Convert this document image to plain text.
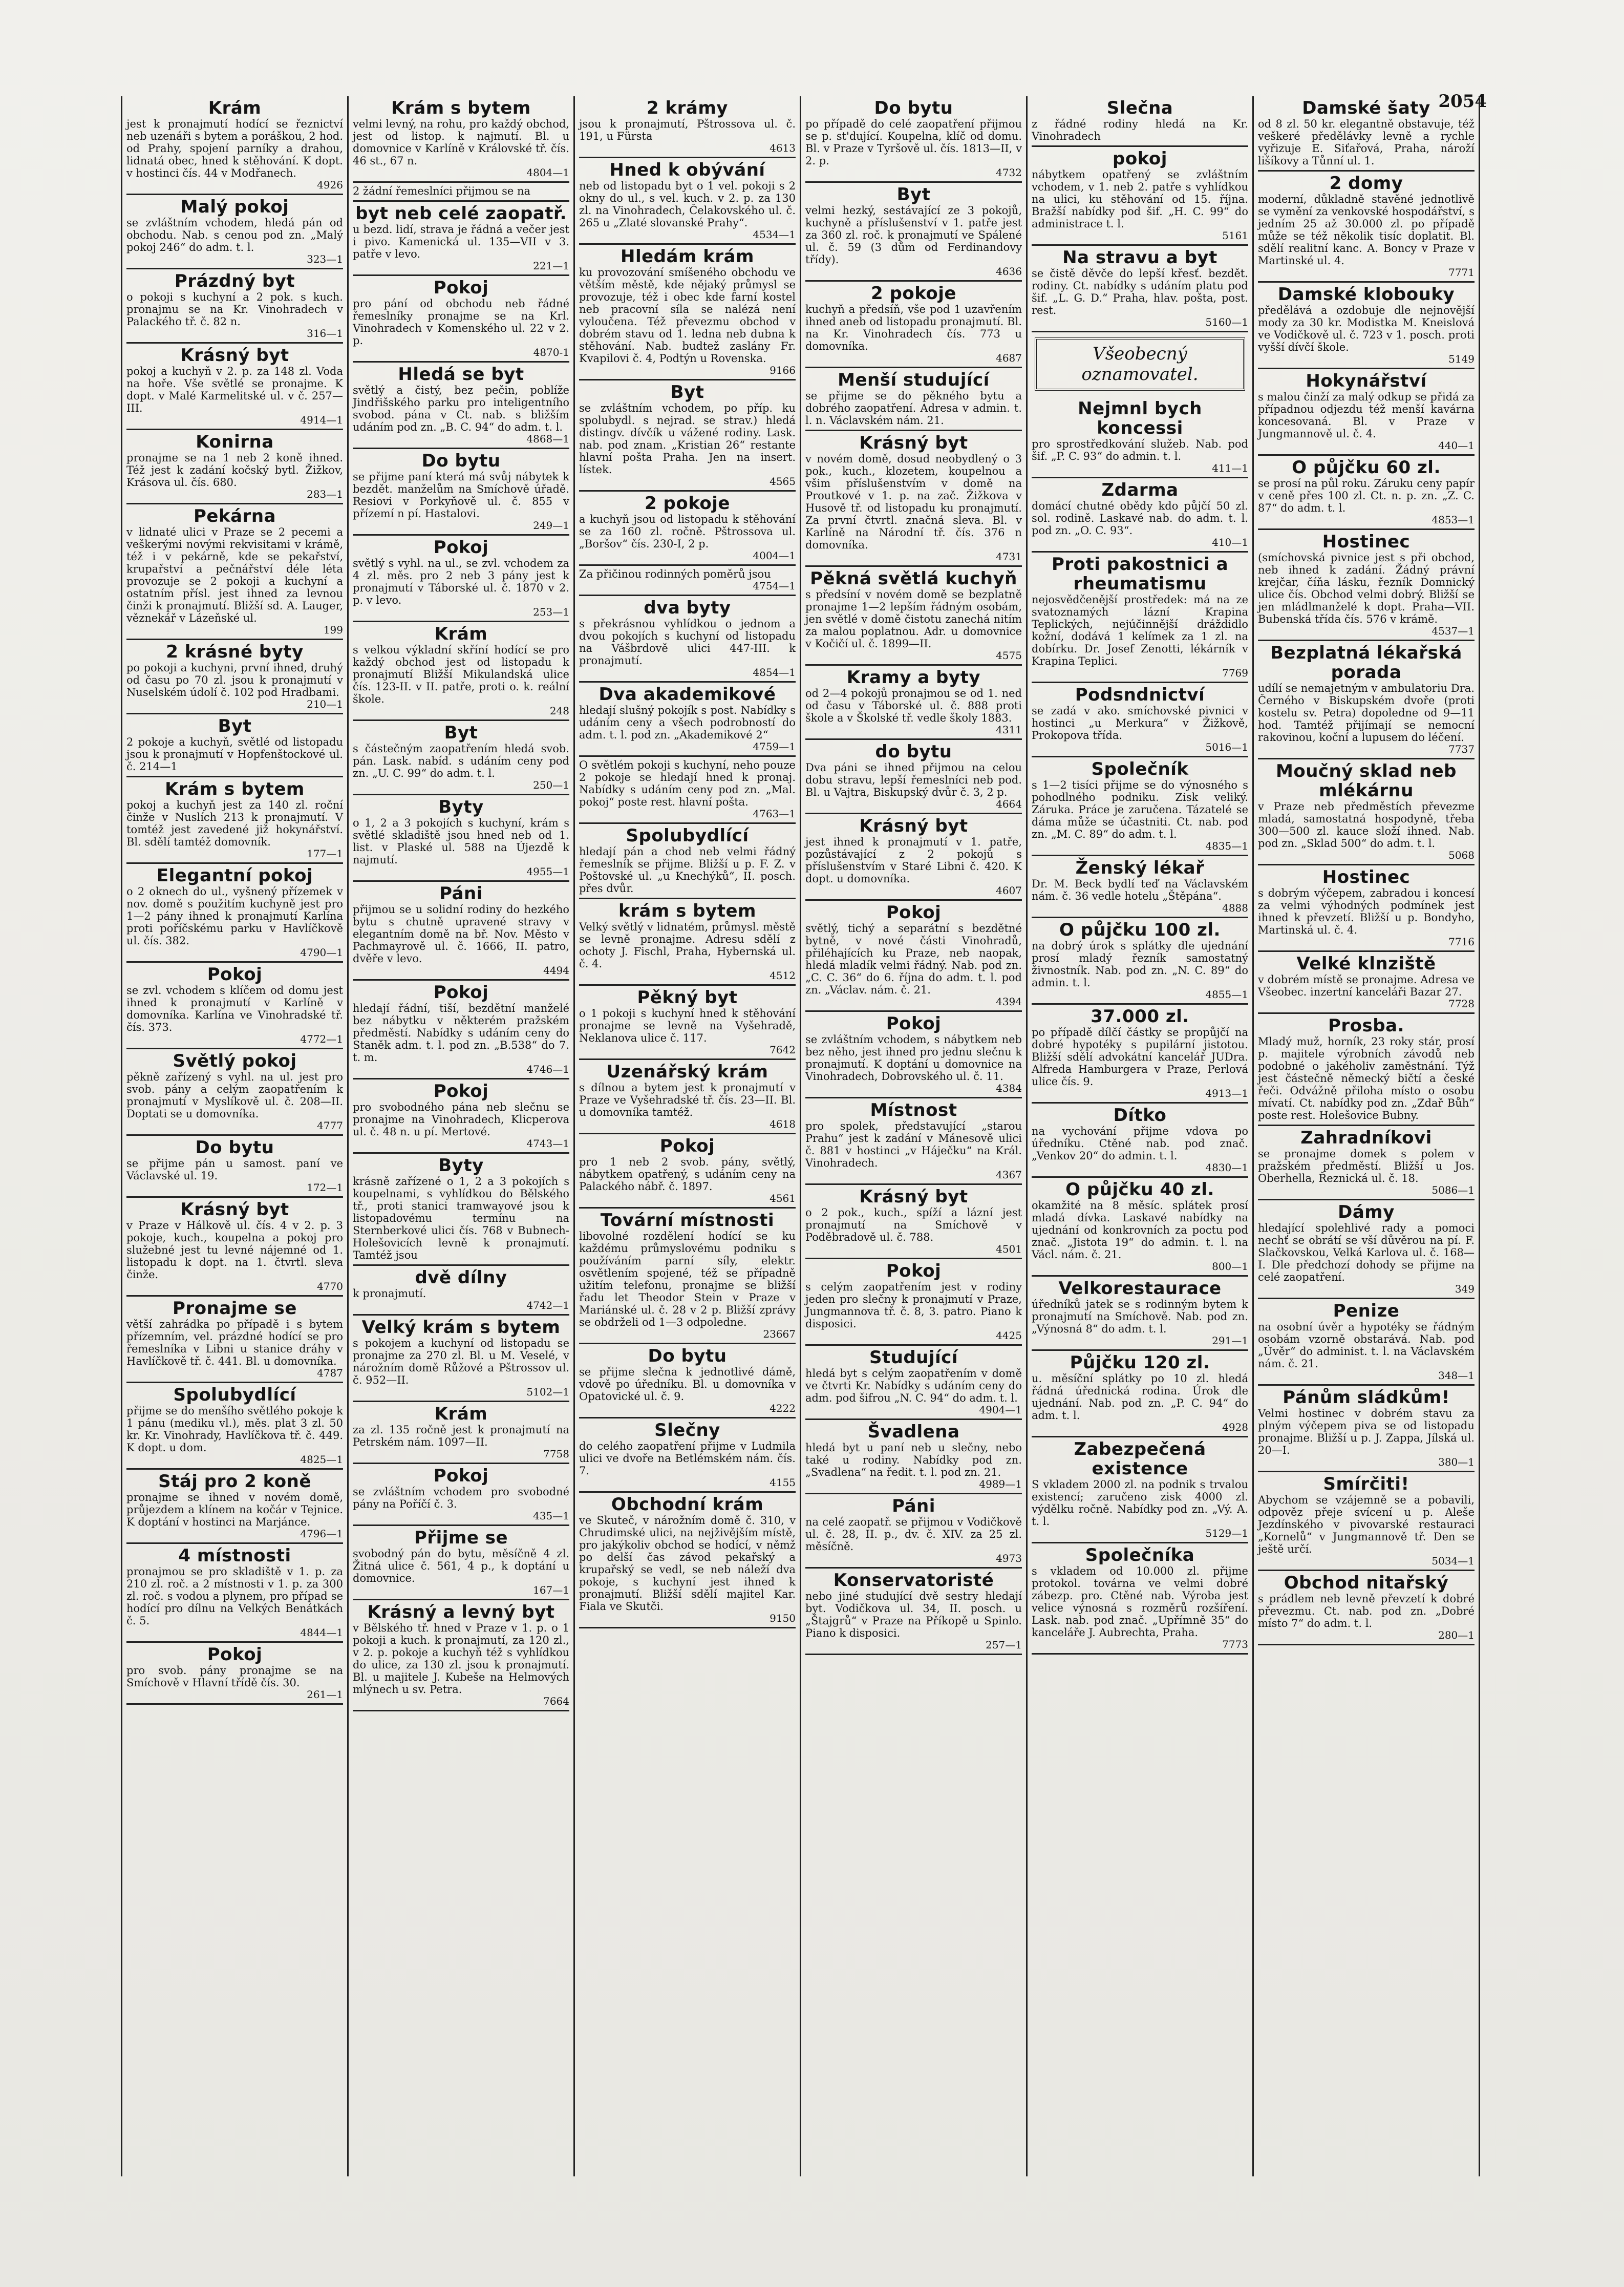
2054
Krám

jest k pronajmutí hodící se řeznictví neb uzenáři s bytem a poráškou, 2 hod. od Prahy, spojení parníky a drahou, lidnatá obec, hned k stěhování. K dopt. v hostinci čís. 44 v Modřanech.

4926
Malý pokoj

se zvláštním vchodem, hledá pán od obchodu. Nab. s cenou pod zn. „Malý pokoj 246“ do adm. t. l.

323—1
Prázdný byt

o pokoji s kuchyní a 2 pok. s kuch. pronajmu se na Kr. Vinohradech v Palackého tř. č. 82 n.

316—1
Krásný byt

pokoj a kuchyň v 2. p. za 148 zl. Voda na hoře. Vše světlé se pronajme. K dopt. v Malé Karmelitské ul. v č. 257—III.

4914—1
Konirna

pronajme se na 1 neb 2 koně ihned. Též jest k zadání kočský bytl. Žižkov, Krásova ul. čís. 680.

283—1
Pekárna

v lidnaté ulici v Praze se 2 pecemi a veškerými novými rekvisitami v krámě, též i v pekárně, kde se pekařství, krupařství a pečnářství déle léta provozuje se 2 pokoji a kuchyní a ostatním přísl. jest ihned za levnou činži k pronajmutí. Bližší sd. A. Lauger, věznekář v Lázeňské ul.

199
2 krásné byty

po pokoji a kuchyni, první ihned, druhý od času po 70 zl. jsou k pronajmutí v Nuselském údolí č. 102 pod Hradbami.

210—1
Byt

2 pokoje a kuchyň, světlé od listopadu jsou k pronajmutí v Hopfenštockové ul. č. 214—1

Krám s bytem

pokoj a kuchyň jest za 140 zl. roční činže v Nuslích 213 k pronajmutí. V tomtéž jest zavedené již hokynářství. Bl. sdělí tamtéž domovník.

177—1
Elegantní pokoj

o 2 oknech do ul., vyšnený přízemek v nov. domě s použitím kuchyně jest pro 1—2 pány ihned k pronajmutí Karlína proti poříčskému parku v Havlíčkově ul. čís. 382.

4790—1
Pokoj

se zvl. vchodem s klíčem od domu jest ihned k pronajmutí v Karlíně v domovníka. Karlína ve Vinohradské tř. čís. 373.

4772—1
Světlý pokoj

pěkně zařízený s vyhl. na ul. jest pro svob. pány a celým zaopatřením k pronajmutí v Myslíkově ul. č. 208—II. Doptati se u domovníka.

4777
Do bytu

se přijme pán u samost. paní ve Václavské ul. 19.

172—1
Krásný byt

v Praze v Hálkově ul. čís. 4 v 2. p. 3 pokoje, kuch., koupelna a pokoj pro služebné jest tu levné nájemné od 1. listopadu k dopt. na 1. čtvrtl. sleva činže.

4770
Pronajme se

větší zahrádka po případě i s bytem přízemním, vel. prázdné hodící se pro řemeslníka v Libni u stanice dráhy v Havlíčkově tř. č. 441. Bl. u domovníka.

4787
Spolubydlící

přijme se do menšího světlého pokoje k 1 pánu (mediku vl.), měs. plat 3 zl. 50 kr. Kr. Vinohrady, Havlíčkova tř. č. 449. K dopt. u dom.

4825—1
Stáj pro 2 koně

pronajme se ihned v novém domě, průjezdem a klínem na kočár v Tejnice. K doptání v hostinci na Marjánce.

4796—1
4 místnosti

pronajmou se pro skladiště v 1. p. za 210 zl. roč. a 2 místnosti v 1. p. za 300 zl. roč. s vodou a plynem, pro případ se hodící pro dílnu na Velkých Benátkách č. 5.

4844—1
Pokoj

pro svob. pány pronajme se na Smíchově v Hlavní třídě čís. 30.

261—1
Krám s bytem

velmi levný, na rohu, pro každý obchod, jest od listop. k najmutí. Bl. u domovnice v Karlíně v Královské tř. čís. 46 st., 67 n.

4804—1

2 žádní řemeslníci přijmou se na

byt neb celé zaopatř.

u bezd. lidí, strava je řádná a večer jest i pivo. Kamenická ul. 135—VII v 3. patře v levo.

221—1
Pokoj

pro pání od obchodu neb řádné řemeslníky pronajme se na Krl. Vinohradech v Komenského ul. 22 v 2. p.

4870-1
Hledá se byt

světlý a čistý, bez pečin, poblíže Jindřišského parku pro inteligentního svobod. pána v Ct. nab. s bližším udáním pod zn. „B. C. 94“ do adm. t. l.

4868—1
Do bytu

se přijme paní která má svůj nábytek k bezdět. manželům na Smíchově úřadě. Resiovi v Porkyňově ul. č. 855 v přízemí n pí. Hastalovi.

249—1
Pokoj

světlý s vyhl. na ul., se zvl. vchodem za 4 zl. měs. pro 2 neb 3 pány jest k pronajmutí v Táborské ul. č. 1870 v 2. p. v levo.

253—1
Krám

s velkou výkladní skříní hodící se pro každý obchod jest od listopadu k pronajmutí Bližší Mikulandská ulice čís. 123-II. v II. patře, proti o. k. reální škole.

248
Byt

s částečným zaopatřením hledá svob. pán. Lask. nabíd. s udáním ceny pod zn. „U. C. 99“ do adm. t. l.

250—1
Byty

o 1, 2 a 3 pokojích s kuchyní, krám s světlé skladiště jsou hned neb od 1. list. v Plaské ul. 588 na Újezdě k najmutí.

4955—1
Páni

přijmou se u solidní rodiny do hezkého bytu s chutně upravené stravy v elegantním domě na bř. Nov. Město v Pachmayrově ul. č. 1666, II. patro, dvěře v levo.

4494
Pokoj

hledají řádní, tiší, bezdětní manželé bez nábytku v některém pražském předměstí. Nabídky s udáním ceny do Staněk adm. t. l. pod zn. „B.538“ do 7. t. m.

4746—1
Pokoj

pro svobodného pána neb slečnu se pronajme na Vinohradech, Klicperova ul. č. 48 n. u pí. Mertové.

4743—1
Byty

krásně zařízené o 1, 2 a 3 pokojích s koupelnami, s vyhlídkou do Bělského tř., proti stanici tramwayové jsou k listopadovému termínu na Sternberkové ulici čís. 768 v Bubnech-Holešovicích levně k pronajmutí. Tamtéž jsou

dvě dílny

k pronajmutí.

4742—1
Velký krám s bytem

s pokojem a kuchyní od listopadu se pronajme za 270 zl. Bl. u M. Veselé, v nárožním domě Růžové a Pštrossov ul. č. 952—II.

5102—1
Krám

za zl. 135 ročně jest k pronajmutí na Petrském nám. 1097—II.

7758
Pokoj

se zvláštním vchodem pro svobodné pány na Poříčí č. 3.

435—1
Přijme se

svobodný pán do bytu, měsíčně 4 zl. Žitná ulice č. 561, 4 p., k doptání u domovnice.

167—1
Krásný a levný byt

v Bělského tř. hned v Praze v 1. p. o 1 pokoji a kuch. k pronajmutí, za 120 zl., v 2. p. pokoje a kuchyň též s vyhlídkou do ulice, za 130 zl. jsou k pronajmutí. Bl. u majitele J. Kubeše na Helmových mlýnech u sv. Petra.

7664
2 krámy

jsou k pronajmutí, Pštrossova ul. č. 191, u Fürsta

4613
Hned k obývání

neb od listopadu byt o 1 vel. pokoji s 2 okny do ul., s vel. kuch. v 2. p. za 130 zl. na Vinohradech, Čelakovského ul. č. 265 u „Zlaté slovanské Prahy“.

4534—1
Hledám krám

ku provozování smíšeného obchodu ve větším městě, kde nějaký průmysl se provozuje, též i obec kde farní kostel neb pracovní síla se nalézá není vyloučena. Též převezmu obchod v dobrém stavu od 1. ledna neb dubna k stěhování. Nab. budtež zaslány Fr. Kvapilovi č. 4, Podtýn u Rovenska.

9166
Byt

se zvláštním vchodem, po příp. ku spolubydl. s nejrad. se strav.) hledá distingv. dívčík u vážené rodiny. Lask. nab. pod znam. „Kristian 26“ restante hlavní pošta Praha. Jen na insert. lístek.

4565
2 pokoje

a kuchyň jsou od listopadu k stěhování se za 160 zl. ročně. Pštrossova ul. „Boršov“ čís. 230-I, 2 p.

4004—1

Za přičinou rodinných poměrů jsou

4754—1
dva byty

s překrásnou vyhlídkou o jednom a dvou pokojích s kuchyní od listopadu na Vášbrdově ulici 447-III. k pronajmutí.

4854—1
Dva akademikové

hledají slušný pokojík s post. Nabídky s udáním ceny a všech podrobností do adm. t. l. pod zn. „Akademikové 2“

4759—1

O světlém pokoji s kuchyní, neho pouze 2 pokoje se hledají hned k pronaj. Nabídky s udáním ceny pod zn. „Mal. pokoj“ poste rest. hlavní pošta.

4763—1
Spolubydlící

hledají pán a chod neb velmi řádný řemeslník se přijme. Bližší u p. F. Z. v Poštovské ul. „u Knechýků“, II. posch. přes dvůr.

krám s bytem

Velký světlý v lidnatém, průmysl. městě se levně pronajme. Adresu sdělí z ochoty J. Fischl, Praha, Hybernská ul. č. 4.

4512
Pěkný byt

o 1 pokoji s kuchyní hned k stěhování pronajme se levně na Vyšehradě, Neklanova ulice č. 117.

7642
Uzenářský krám

s dílnou a bytem jest k pronajmutí v Praze ve Vyšehradské tř. čís. 23—II. Bl. u domovníka tamtéž.

4618
Pokoj

pro 1 neb 2 svob. pány, světlý, nábytkem opatřený, s udáním ceny na Palackého nábř. č. 1897.

4561
Tovární místnosti

libovolné rozdělení hodící se ku každému průmyslovému podniku s používáním parní síly, elektr. osvětlením spojené, též se případně užitím telefonu, pronajme se bližší řadu let Theodor Stein v Praze v Mariánské ul. č. 28 v 2 p. Bližší zprávy se obdrželi od 1—3 odpoledne.

23667
Do bytu

se přijme slečna k jednotlivé dámě, vdově po úředníku. Bl. u domovníka v Opatovické ul. č. 9.

4222
Slečny

do celého zaopatření přijme v Ludmila ulici ve dvoře na Betlémském nám. čís. 7.

4155
Obchodní krám

ve Skuteč, v nárožním domě č. 310, v Chrudimské ulici, na nejživějším místě, pro jakýkoliv obchod se hodící, v němž po delší čas závod pekařský a krupařský se vedl, se neb náleží dva pokoje, s kuchyní jest ihned k pronajmutí. Bližší sdělí majitel Kar. Fiala ve Skutči.

9150
Do bytu

po případě do celé zaopatření přijmou se p. st'dující. Koupelna, klíč od domu. Bl. v Praze v Tyršově ul. čís. 1813—II, v 2. p.

4732
Byt

velmi hezký, sestávající ze 3 pokojů, kuchyně a příslušenství v 1. patře jest za 360 zl. roč. k pronajmutí ve Spálené ul. č. 59 (3 dům od Ferdinandovy třídy).

4636
2 pokoje

kuchyň a předsíň, vše pod 1 uzavřením ihned aneb od listopadu pronajmutí. Bl. na Kr. Vinohradech čís. 773 u domovníka.

4687
Menší studující

se přijme se do pěkného bytu a dobrého zaopatření. Adresa v admin. t. l. n. Václavském nám. 21.

Krásný byt

v novém domě, dosud neobydlený o 3 pok., kuch., klozetem, koupelnou a všim příslušenstvím v domě na Proutkové v 1. p. na zač. Žižkova v Husově tř. od listopadu ku pronajmutí. Za první čtvrtl. značná sleva. Bl. v Karlíně na Národní tř. čís. 376 n domovníka.

4731
Pěkná světlá kuchyň

s předsíní v novém domě se bezplatně pronajme 1—2 lepším řádným osobám, jen světlé v domě čistotu zanechá nitím za malou poplatnou. Adr. u domovnice v Kočičí ul. č. 1899—II.

4575
Kramy a byty

od 2—4 pokojů pronajmou se od 1. ned od času v Táborské ul. č. 888 proti škole a v Školské tř. vedle školy 1883.

4311
do bytu

Dva páni se ihned přijmou na celou dobu stravu, lepší řemeslníci neb pod. Bl. u Vajtra, Biskupský dvůr č. 3, 2 p.

4664
Krásný byt

jest ihned k pronajmutí v 1. patře, pozůstávající z 2 pokojů s příslušenstvím v Staré Libni č. 420. K dopt. u domovníka.

4607
Pokoj

světlý, tichý a separátní s bezdětné bytně, v nové části Vinohradů, přiléhajících ku Praze, neb naopak, hledá mladík velmi řádný. Nab. pod zn. „C. C. 36“ do 6. října do adm. t. l. pod zn. „Václav. nám. č. 21.

4394
Pokoj

se zvláštním vchodem, s nábytkem neb bez něho, jest ihned pro jednu slečnu k pronajmutí. K doptání u domovnice na Vinohradech, Dobrovského ul. č. 11.

4384
Místnost

pro spolek, představující „starou Prahu“ jest k zadání v Mánesově ulici č. 881 v hostinci „v Háječku“ na Král. Vinohradech.

4367
Krásný byt

o 2 pok., kuch., spíží a lázní jest pronajmutí na Smíchově v Poděbradově ul. č. 788.

4501
Pokoj

s celým zaopatřením jest v rodiny jeden pro slečny k pronajmutí v Praze, Jungmannova tř. č. 8, 3. patro. Piano k disposici.

4425
Studující

hledá byt s celým zaopatřením v domě ve čtvrti Kr. Nabídky s udáním ceny do adm. pod šifrou „N. C. 94“ do adm. t. l.

4904—1
Švadlena

hledá byt u paní neb u slečny, nebo také u rodiny. Nabídky pod zn. „Svadlena“ na ředit. t. l. pod zn. 21.

4989—1
Páni

na celé zaopatř. se přijmou v Vodičkově ul. č. 28, II. p., dv. č. XIV. za 25 zl. měsíčně.

4973
Konservatoristé

nebo jiné studující dvě sestry hledají byt. Vodičkova ul. 34, II. posch. u „Štajgrů“ v Praze na Příkopě u Spinlo. Piano k disposici.

257—1
Slečna

z řádné rodiny hledá na Kr. Vinohradech

pokoj

nábytkem opatřený se zvláštním vchodem, v 1. neb 2. patře s vyhlídkou na ulici, ku stěhování od 15. října. Bražší nabídky pod šif. „H. C. 99“ do administrace t. l.

5161
Na stravu a byt

se čistě děvče do lepší křesť. bezdět. rodiny. Ct. nabídky s udáním platu pod šif. „L. G. D.“ Praha, hlav. pošta, post. rest.

5160—1
Všeobecný
oznamovatel.
Nejmnl bych koncessi

pro sprostředkování služeb. Nab. pod šif. „P. C. 93“ do admin. t. l.

411—1
Zdarma

domácí chutné obědy kdo půjčí 50 zl. sol. rodině. Laskavé nab. do adm. t. l. pod zn. „O. C. 93“.

410—1
Proti pakostnici a rheumatismu

nejosvědčenější prostředek: má na ze svatoznamých lázní Krapina Teplických, nejúčinnější dráždidlo kožní, dodává 1 kelímek za 1 zl. na dobírku. Dr. Josef Zenotti, lékárník v Krapina Teplici.

7769
Podsndnictví

se zadá v ako. smíchovské pivnici v hostinci „u Merkura“ v Žižkově, Prokopova třída.

5016—1
Společník

s 1—2 tisíci přijme se do výnosného s pohodlného podniku. Zisk veliký. Záruka. Práce je zaručena. Tázatelé se dáma může se účastniti. Ct. nab. pod zn. „M. C. 89“ do adm. t. l.

4835—1
Ženský lékař

Dr. M. Beck bydlí teď na Václavském nám. č. 36 vedle hotelu „Štěpána“.

4888
O půjčku 100 zl.

na dobrý úrok s splátky dle ujednání prosí mladý řezník samostatný živnostník. Nab. pod zn. „N. C. 89“ do admin. t. l.

4855—1
37.000 zl.

po případě dílčí částky se propůjčí na dobré hypotéky s pupilární jistotou. Bližší sdělí advokátní kancelář JUDra. Alfreda Hamburgera v Praze, Perlová ulice čís. 9.

4913—1
Dítko

na vychování přijme vdova po úředníku. Ctěné nab. pod znač. „Venkov 20“ do admin. t. l.

4830—1
O půjčku 40 zl.

okamžité na 8 měsíc. splátek prosí mladá dívka. Laskavé nabídky na ujednání od konkrovních za poctu pod znač. „Jistota 19“ do admin. t. l. na Václ. nám. č. 21.

800—1
Velkorestaurace

úředníků jatek se s rodinným bytem k pronajmutí na Smíchově. Nab. pod zn. „Výnosná 8“ do adm. t. l.

291—1
Půjčku 120 zl.

u. měsíční splátky po 10 zl. hledá řádná úřednická rodina. Úrok dle ujednání. Nab. pod zn. „P. C. 94“ do adm. t. l.

4928
Zabezpečená existence

S vkladem 2000 zl. na podnik s trvalou existencí; zaručeno zisk 4000 zl. výdělku ročně. Nabídky pod zn. „Vý. A. t. l.

5129—1
Společníka

s vkladem od 10.000 zl. přijme protokol. továrna ve velmi dobré zábezp. pro. Ctěné nab. Výroba jest velice výnosná s rozměrů rozšíření. Lask. nab. pod znač. „Upřímně 35“ do kanceláře J. Aubrechta, Praha.

7773
Damské šaty

od 8 zl. 50 kr. elegantně obstavuje, též veškeré předělávky levně a rychle vyřizuje E. Siťařová, Praha, nároží lišíkovy a Tůnní ul. 1.

2 domy

moderní, důkladně stavěné jednotlivě se vymění za venkovské hospodářství, s jedním 25 až 30.000 zl. po případě může se též několik tisíc doplatit. Bl. sdělí realitní kanc. A. Boncy v Praze v Martinské ul. 4.

7771
Damské klobouky

předělává a ozdobuje dle nejnovější mody za 30 kr. Modistka M. Kneislová ve Vodičkově ul. č. 723 v 1. posch. proti vyšší dívčí škole.

5149
Hokynářství

s malou činží za malý odkup se přidá za případnou odjezdu též menší kavárna koncesovaná. Bl. v Praze v Jungmannově ul. č. 4.

440—1
O půjčku 60 zl.

se prosí na půl roku. Záruku ceny papír v ceně přes 100 zl. Ct. n. p. zn. „Z. C. 87“ do adm. t. l.

4853—1
Hostinec

(smíchovská pivnice jest s při obchod, neb ihned k zadání. Žádný právní krejčar, číňa lásku, řezník Domnický ulice čís. Obchod velmi dobrý. Bližší se jen mládlmanželé k dopt. Praha—VII. Bubenská třída čís. 576 v krámě.

4537—1
Bezplatná lékařská porada

udílí se nemajetným v ambulatoriu Dra. Černého v Biskupském dvoře (proti kostelu sv. Petra) dopoledne od 9—11 hod. Tamtéž přijímají se nemocní rakovinou, koční a lupusem do léčení.

7737
Moučný sklad neb mlékárnu

v Praze neb předměstích převezme mladá, samostatná hospodyně, třeba 300—500 zl. kauce složí ihned. Nab. pod zn. „Sklad 500“ do adm. t. l.

5068
Hostinec

s dobrým výčepem, zabradou i koncesí za velmi výhodných podmínek jest ihned k převzetí. Bližší u p. Bondyho, Martinská ul. č. 4.

7716
Velké klnziště

v dobrém místě se pronajme. Adresa ve Všeobec. inzertní kanceláři Bazar 27.

7728
Prosba.

Mladý muž, horník, 23 roky stár, prosí p. majitele výrobních závodů neb podobné o jakéholiv zaměstnání. Týž jest částečně německý bičtí a české řeči. Odvážně přiloha místo o osobu mívatí. Ct. nabídky pod zn. „Zdař Bůh“ poste rest. Holešovice Bubny.

Zahradníkovi

se pronajme domek s polem v pražském předměstí. Bližší u Jos. Oberhella, Řeznická ul. č. 18.

5086—1
Dámy

hledající spolehlivé rady a pomoci nechť se obrátí se vší důvěrou na pí. F. Slačkovskou, Velká Karlova ul. č. 168—I. Dle předchozí dohody se přijme na celé zaopatření.

349
Penize

na osobní úvěr a hypotéky se řádným osobám vzorně obstarává. Nab. pod „Úvěr“ do administ. t. l. na Václavském nám. č. 21.

348—1
Pánům sládkům!

Velmi hostinec v dobrém stavu za plným výčepem piva se od listopadu pronajme. Bližší u p. J. Zappa, Jílská ul. 20—I.

380—1
Smírčiti!

Abychom se vzájemně se a pobavili, odpověz přeje svícení u p. Aleše Jezdínského v pivovarské restauraci „Kornelů“ v Jungmannově tř. Den se ještě určí.

5034—1
Obchod nitařský

s prádlem neb levně převzetí k dobré převezmu. Ct. nab. pod zn. „Dobré místo 7“ do adm. t. l.

280—1
